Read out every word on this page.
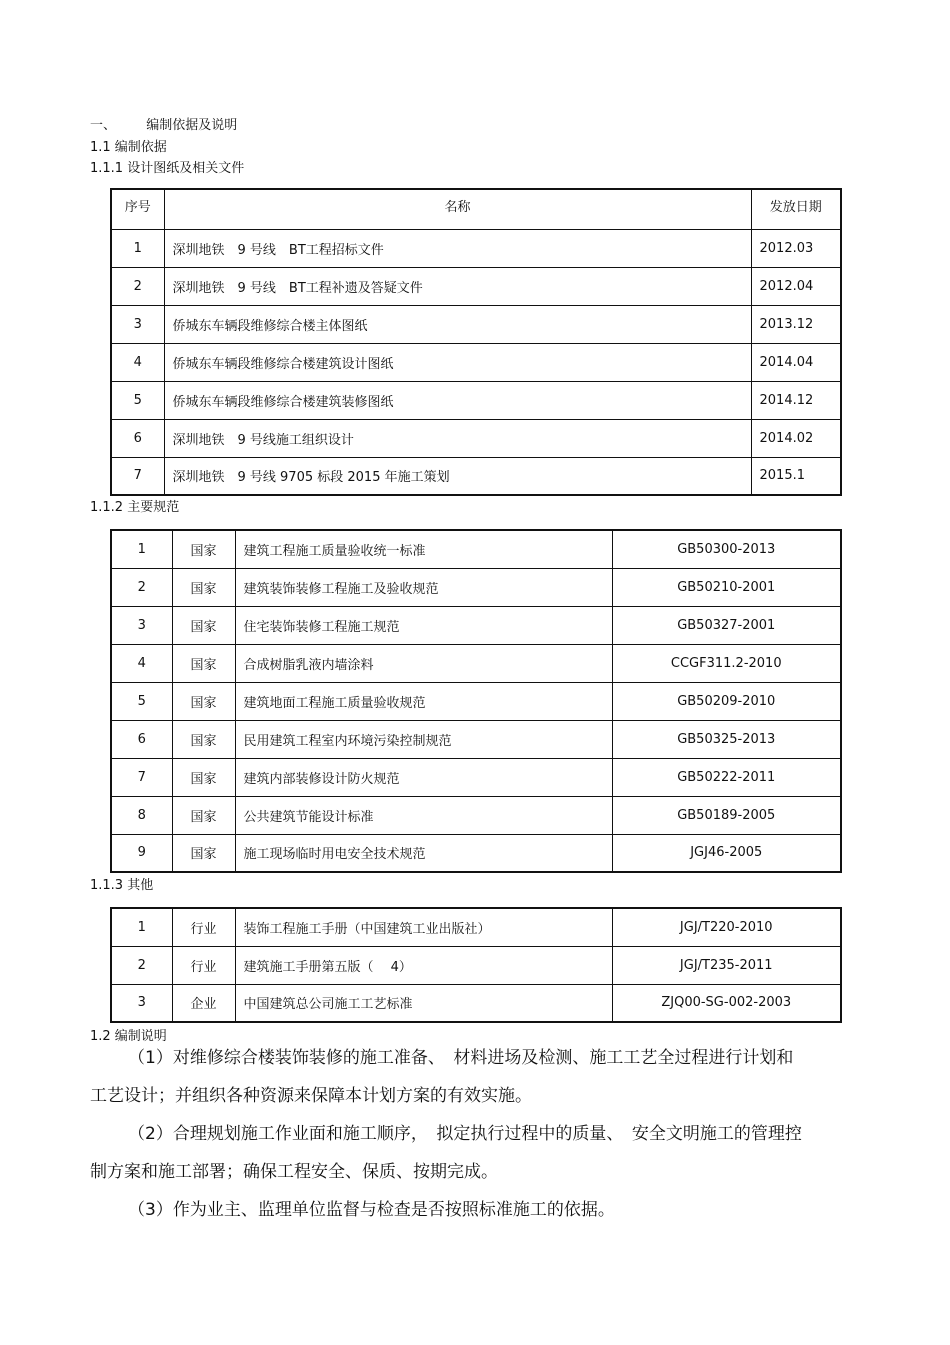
一、 编制依据及说明
1.1 编制依据
1.1.1 设计图纸及相关文件
序号	名称	发放日期
1	深圳地铁　9 号线　BT工程招标文件	2012.03
2	深圳地铁　9 号线　BT工程补遗及答疑文件	2012.04
3	侨城东车辆段维修综合楼主体图纸	2013.12
4	侨城东车辆段维修综合楼建筑设计图纸	2014.04
5	侨城东车辆段维修综合楼建筑装修图纸	2014.12
6	深圳地铁　9 号线施工组织设计	2014.02
7	深圳地铁　9 号线 9705 标段 2015 年施工策划	2015.1
1.1.2 主要规范
1	国家	建筑工程施工质量验收统一标准	GB50300-2013
2	国家	建筑装饰装修工程施工及验收规范	GB50210-2001
3	国家	住宅装饰装修工程施工规范	GB50327-2001
4	国家	合成树脂乳液内墙涂料	CCGF311.2-2010
5	国家	建筑地面工程施工质量验收规范	GB50209-2010
6	国家	民用建筑工程室内环境污染控制规范	GB50325-2013
7	国家	建筑内部装修设计防火规范	GB50222-2011
8	国家	公共建筑节能设计标准	GB50189-2005
9	国家	施工现场临时用电安全技术规范	JGJ46-2005
1.1.3 其他
1	行业	装饰工程施工手册（中国建筑工业出版社）	JGJ/T220-2010
2	行业	建筑施工手册第五版（　 4）	JGJ/T235-2011
3	企业	中国建筑总公司施工工艺标准	ZJQ00-SG-002-2003
1.2 编制说明
（1）对维修综合楼装饰装修的施工准备、　材料进场及检测、施工工艺全过程进行计划和
工艺设计；并组织各种资源来保障本计划方案的有效实施。
（2）合理规划施工作业面和施工顺序，　拟定执行过程中的质量、　安全文明施工的管理控
制方案和施工部署；确保工程安全、保质、按期完成。
（3）作为业主、监理单位监督与检查是否按照标准施工的依据。
